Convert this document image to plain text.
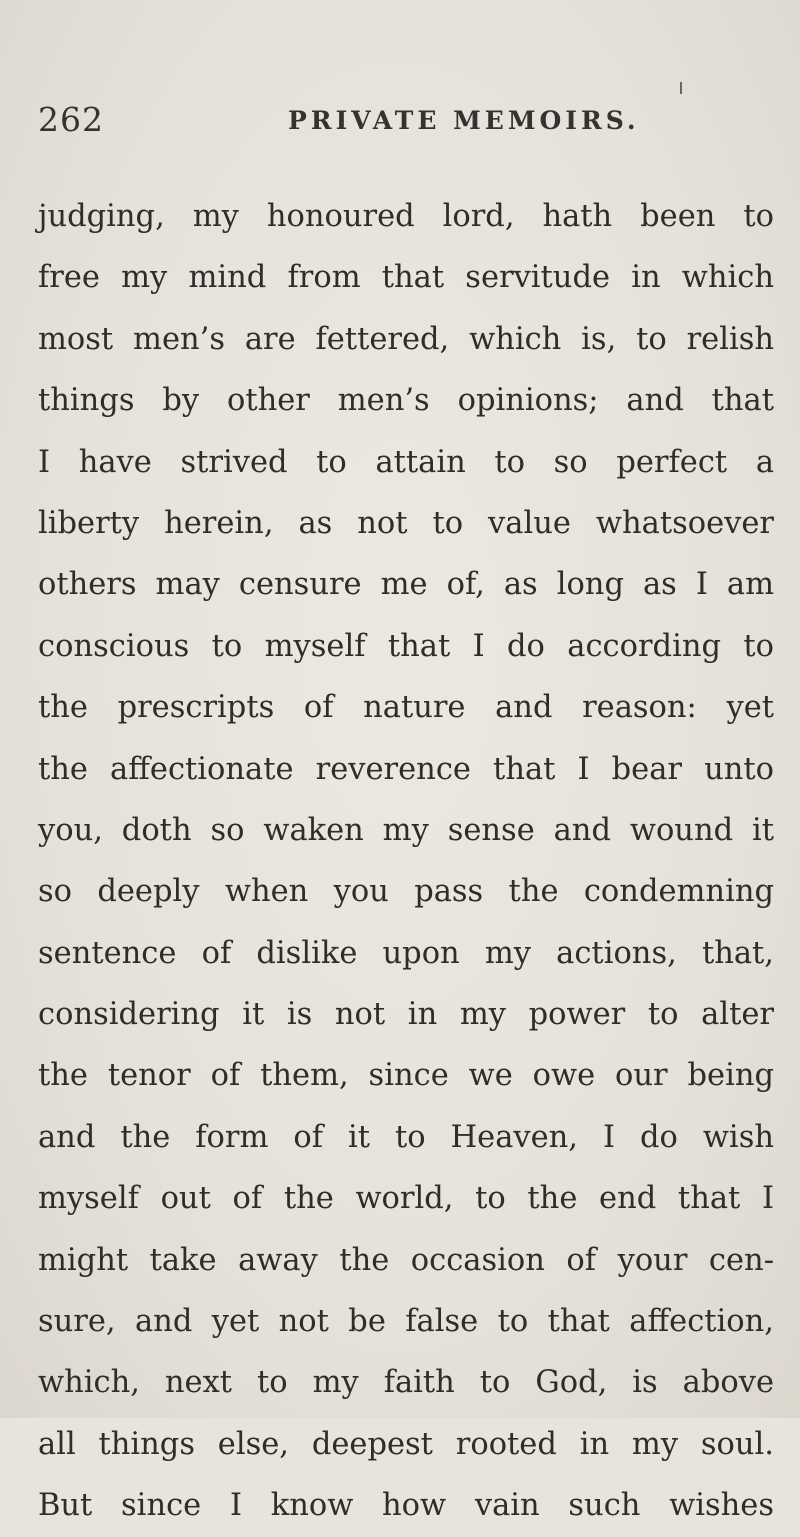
262	PRIVATE MEMOIRS.
judging, my honoured lord, hath been to
free my mind from that servitude in which
most men’s are fettered, which is, to relish
things by other men’s opinions; and that
I have strived to attain to so perfect a
liberty herein, as not to value whatsoever
others may censure me of, as long as I am
conscious to myself that I do according to
the prescripts of nature and reason: yet
the affectionate reverence that I bear unto
you, doth so waken my sense and wound it
so deeply when you pass the condemning
sentence of dislike upon my actions, that,
considering it is not in my power to alter
the tenor of them, since we owe our being
and the form of it to Heaven, I do wish
myself out of the world, to the end that I
might take away the occasion of your cen-
sure, and yet not be false to that affection,
which, next to my faith to God, is above
all things else, deepest rooted in my soul.
But since I know how vain such wishes
